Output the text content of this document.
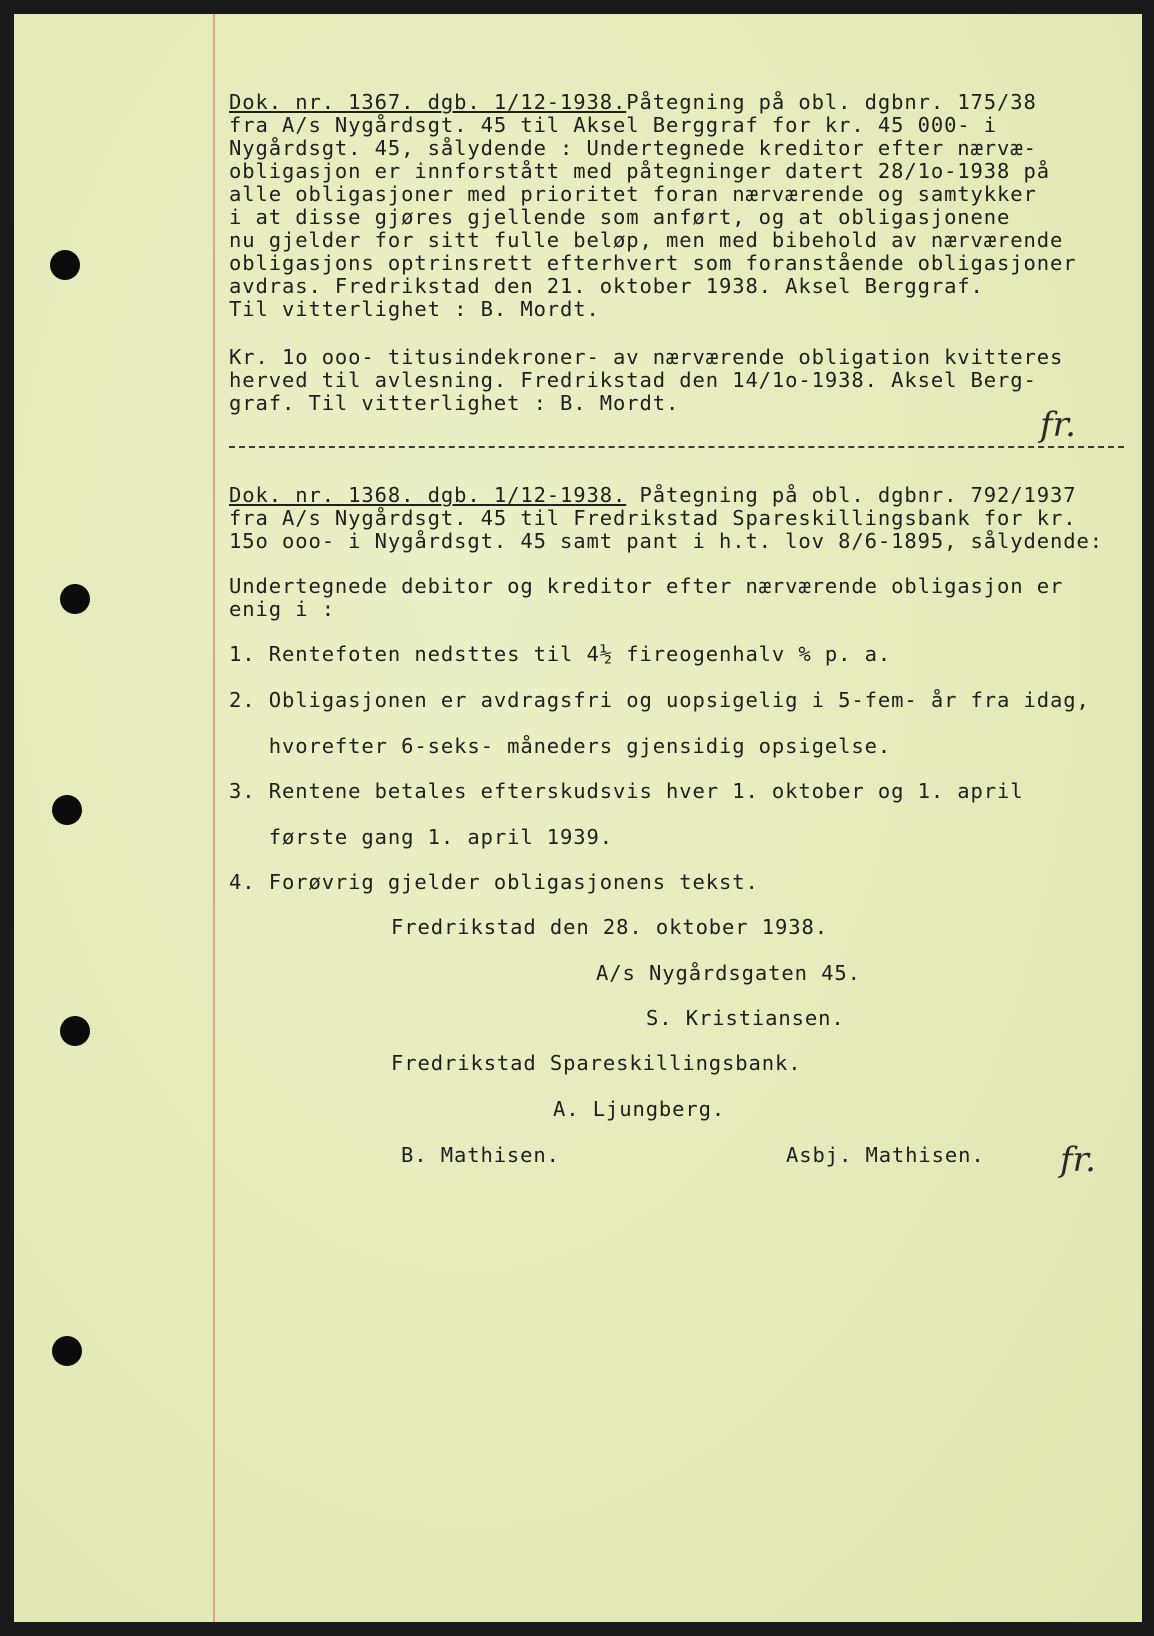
Dok. nr. 1367. dgb. 1/12-1938.Påtegning på obl. dgbnr. 175/38
fra A/s Nygårdsgt. 45 til Aksel Berggraf for kr. 45 000- i
Nygårdsgt. 45, sålydende : Undertegnede kreditor efter nærvæ-
obligasjon er innforstått med påtegninger datert 28/1o-1938 på
alle obligasjoner med prioritet foran nærværende og samtykker
i at disse gjøres gjellende som anført, og at obligasjonene
nu gjelder for sitt fulle beløp, men med bibehold av nærværende
obligasjons optrinsrett efterhvert som foranstående obligasjoner
avdras. Fredrikstad den 21. oktober 1938. Aksel Berggraf.
Til vitterlighet : B. Mordt.
Kr. 1o ooo- titusindekroner- av nærværende obligation kvitteres
herved til avlesning. Fredrikstad den 14/1o-1938. Aksel Berg-
graf. Til vitterlighet : B. Mordt.
fr.
Dok. nr. 1368. dgb. 1/12-1938. Påtegning på obl. dgbnr. 792/1937
fra A/s Nygårdsgt. 45 til Fredrikstad Spareskillingsbank for kr.
15o ooo- i Nygårdsgt. 45 samt pant i h.t. lov 8/6-1895, sålydende:
Undertegnede debitor og kreditor efter nærværende obligasjon er
enig i :
1. Rentefoten nedsttes til 4½ fireogenhalv % p. a.
2. Obligasjonen er avdragsfri og uopsigelig i 5-fem- år fra idag,
hvorefter 6-seks- måneders gjensidig opsigelse.
3. Rentene betales efterskudsvis hver 1. oktober og 1. april
første gang 1. april 1939.
4. Forøvrig gjelder obligasjonens tekst.
Fredrikstad den 28. oktober 1938.
A/s Nygårdsgaten 45.
S. Kristiansen.
Fredrikstad Spareskillingsbank.
A. Ljungberg.
B. Mathisen.	Asbj. Mathisen. fr.
